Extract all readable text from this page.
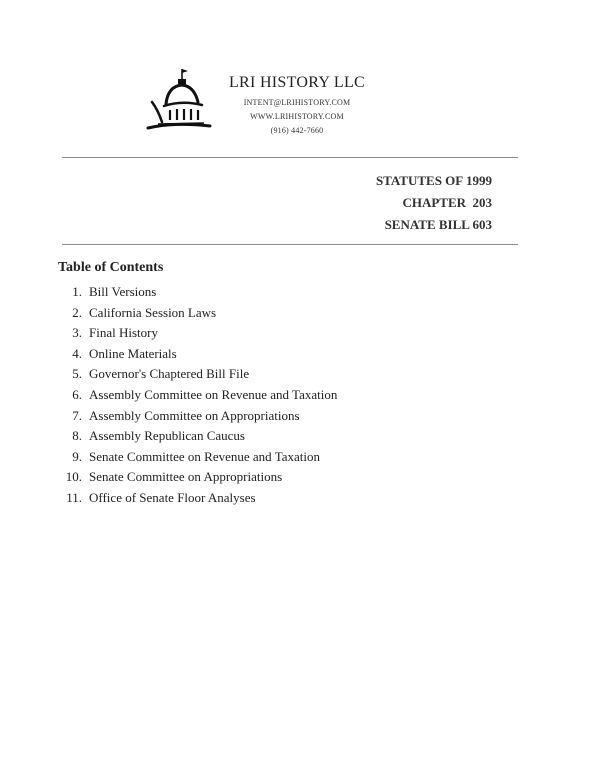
LRI HISTORY LLC
INTENT@LRIHISTORY.COM
WWW.LRIHISTORY.COM
(916) 442-7660
STATUTES OF 1999
CHAPTER  203
SENATE BILL 603
Table of Contents
1. Bill Versions
2. California Session Laws
3. Final History
4. Online Materials
5. Governor's Chaptered Bill File
6. Assembly Committee on Revenue and Taxation
7. Assembly Committee on Appropriations
8. Assembly Republican Caucus
9. Senate Committee on Revenue and Taxation
10. Senate Committee on Appropriations
11. Office of Senate Floor Analyses
